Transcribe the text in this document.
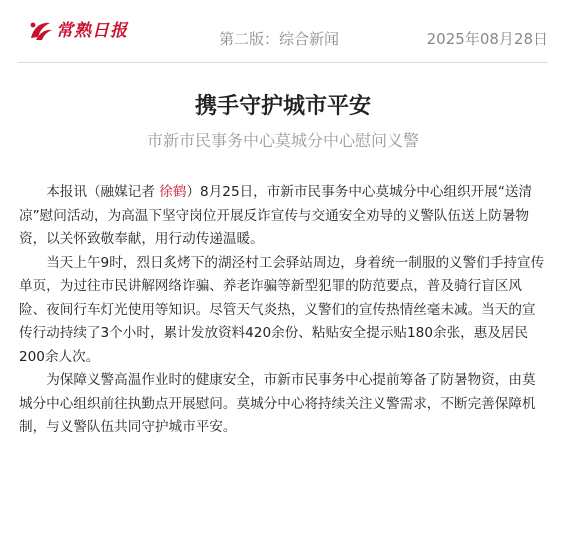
常熟日报	第二版：综合新闻	2025年08月28日
携手守护城市平安
市新市民事务中心莫城分中心慰问义警

本报讯（融媒记者 徐鹤）8月25日，市新市民事务中心莫城分中心组织开展“送清凉”慰问活动，为高温下坚守岗位开展反诈宣传与交通安全劝导的义警队伍送上防暑物资，以关怀致敬奉献，用行动传递温暖。

当天上午9时，烈日炙烤下的湖泾村工会驿站周边，身着统一制服的义警们手持宣传单页，为过往市民讲解网络诈骗、养老诈骗等新型犯罪的防范要点，普及骑行盲区风险、夜间行车灯光使用等知识。尽管天气炎热，义警们的宣传热情丝毫未减。当天的宣传行动持续了3个小时，累计发放资料420余份、粘贴安全提示贴180余张，惠及居民200余人次。

为保障义警高温作业时的健康安全，市新市民事务中心提前筹备了防暑物资，由莫城分中心组织前往执勤点开展慰问。莫城分中心将持续关注义警需求，不断完善保障机制，与义警队伍共同守护城市平安。
